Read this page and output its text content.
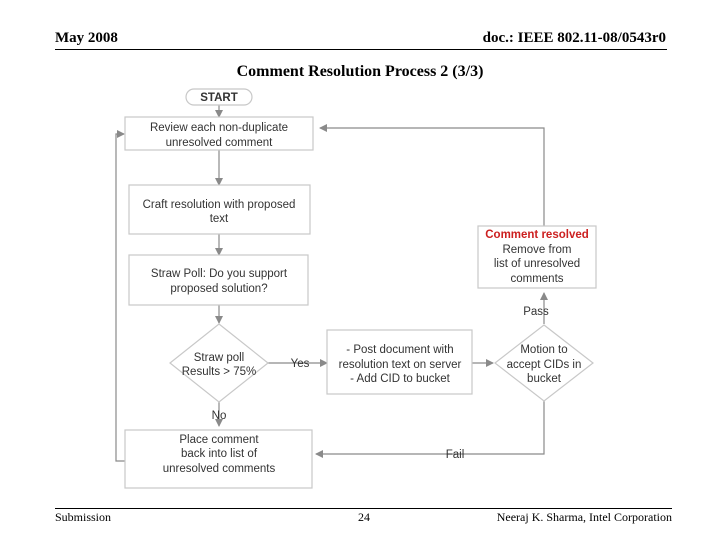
May 2008	doc.: IEEE 802.11-08/0543r0
Comment Resolution Process 2 (3/3)
START
Review each non-duplicate
unresolved comment
Craft resolution with proposed
text
Straw Poll: Do you support
proposed solution?
Straw poll
Results > 75%
Yes
No
- Post document with
resolution text on server
- Add CID to bucket
Motion to
accept CIDs in
bucket
Pass
Fail
Comment resolved
Remove from
list of unresolved
comments
Place comment
back into list of
unresolved comments
Submission	24	Neeraj K. Sharma, Intel Corporation
